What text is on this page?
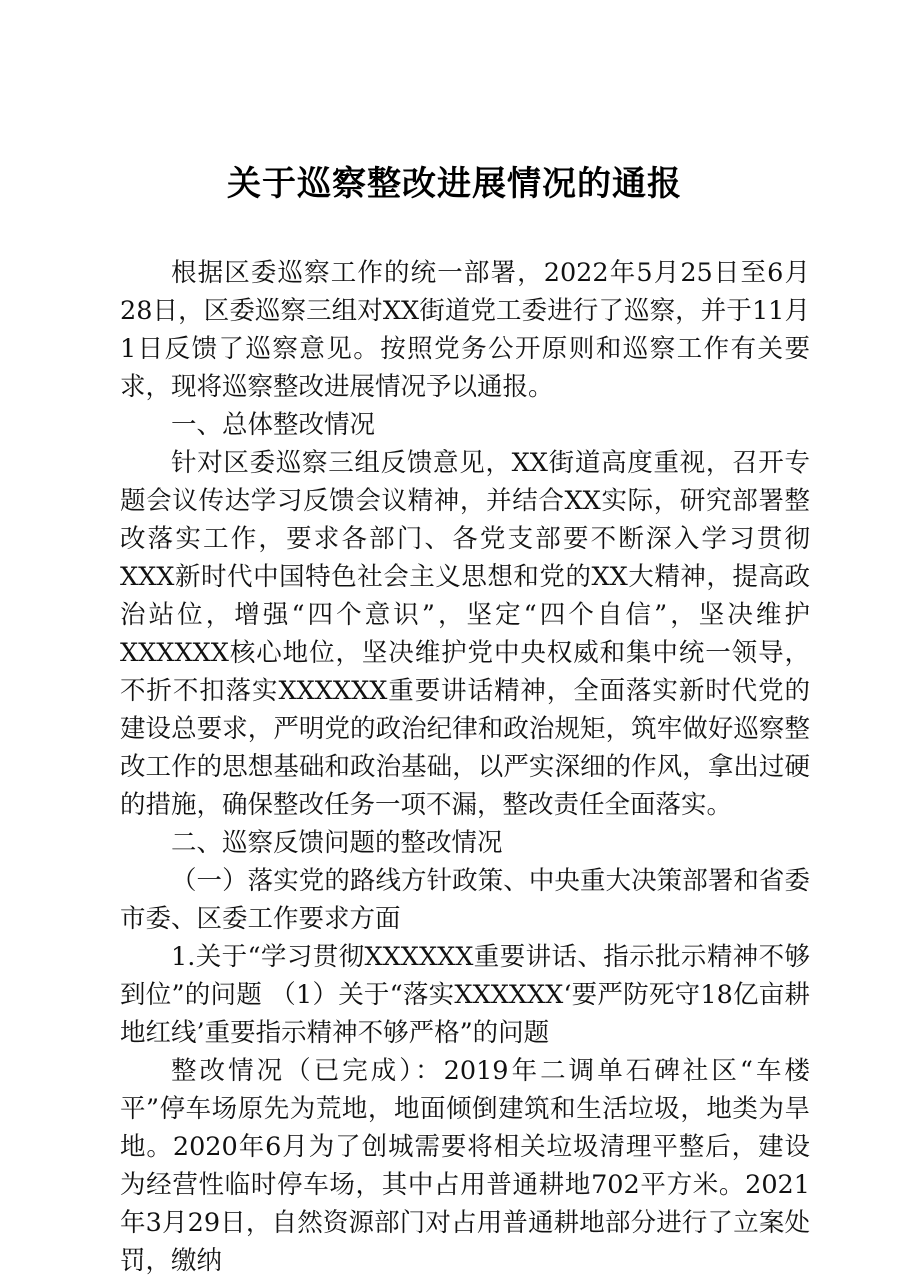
关于巡察整改进展情况的通报

根据区委巡察工作的统一部署，2022年5月25日至6月28日，区委巡察三组对XX街道党工委进行了巡察，并于11月1日反馈了巡察意见。按照党务公开原则和巡察工作有关要求，现将巡察整改进展情况予以通报。

一、总体整改情况

针对区委巡察三组反馈意见，XX街道高度重视，召开专题会议传达学习反馈会议精神，并结合XX实际，研究部署整改落实工作，要求各部门、各党支部要不断深入学习贯彻XXX新时代中国特色社会主义思想和党的XX大精神，提高政治站位，增强“四个意识”，坚定“四个自信”，坚决维护XXXXXX核心地位，坚决维护党中央权威和集中统一领导，不折不扣落实XXXXXX重要讲话精神，全面落实新时代党的建设总要求，严明党的政治纪律和政治规矩，筑牢做好巡察整改工作的思想基础和政治基础，以严实深细的作风，拿出过硬的措施，确保整改任务一项不漏，整改责任全面落实。

二、巡察反馈问题的整改情况

（一）落实党的路线方针政策、中央重大决策部署和省委市委、区委工作要求方面

1.关于“学习贯彻XXXXXX重要讲话、指示批示精神不够到位”的问题 （1）关于“落实XXXXXX‘要严防死守18亿亩耕地红线’重要指示精神不够严格”的问题

整改情况（已完成）：2019年二调单石碑社区“车楼平”停车场原先为荒地，地面倾倒建筑和生活垃圾，地类为旱地。2020年6月为了创城需要将相关垃圾清理平整后，建设为经营性临时停车场，其中占用普通耕地702平方米。2021年3月29日，自然资源部门对占用普通耕地部分进行了立案处罚，缴纳
